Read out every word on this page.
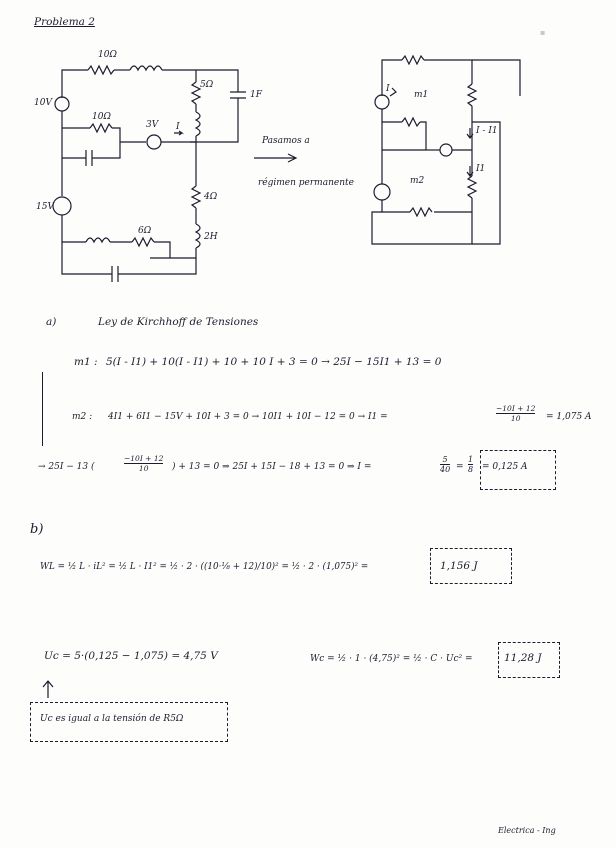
▪
Problema 2
10Ω
5Ω
1F
10V
10Ω
3V I
15V
4Ω
6Ω
2H
Pasamos a
régimen permanente
m1
m2
I
I - I1
I1
a)	Ley de Kirchhoff de Tensiones
m1 : 5(I - I1) + 10(I - I1) + 10 + 10 I + 3 = 0 → 25I − 15I1 + 13 = 0
m2 : 4I1 + 6I1 − 15V + 10I + 3 = 0 → 10I1 + 10I − 12 = 0 → I1 =	$\frac{-10I + 12}{10} = 1,075$ A
→ 25I − 13 (	$\frac{-10I + 12}{10}$ ) + 13 = 0 ⇒ 25I + 15I − 18 + 13 = 0 ⇒ I =	$\frac{5}{40} = \frac{1}{8} = 0,125$ A
b)
WL = ½ L · iL² = ½ L · I1² = ½ · 2 · ((10·⅛ + 12)/10)² = ½ · 2 · (1,075)² =	1,156 J
Uc = 5·(0,125 − 1,075) = 4,75 V	Wc = ½ · 1 · (4,75)² = ½ · C · Uc² =	11,28 J
Uc es igual a la tensión de R5Ω
Electrica - Ing
